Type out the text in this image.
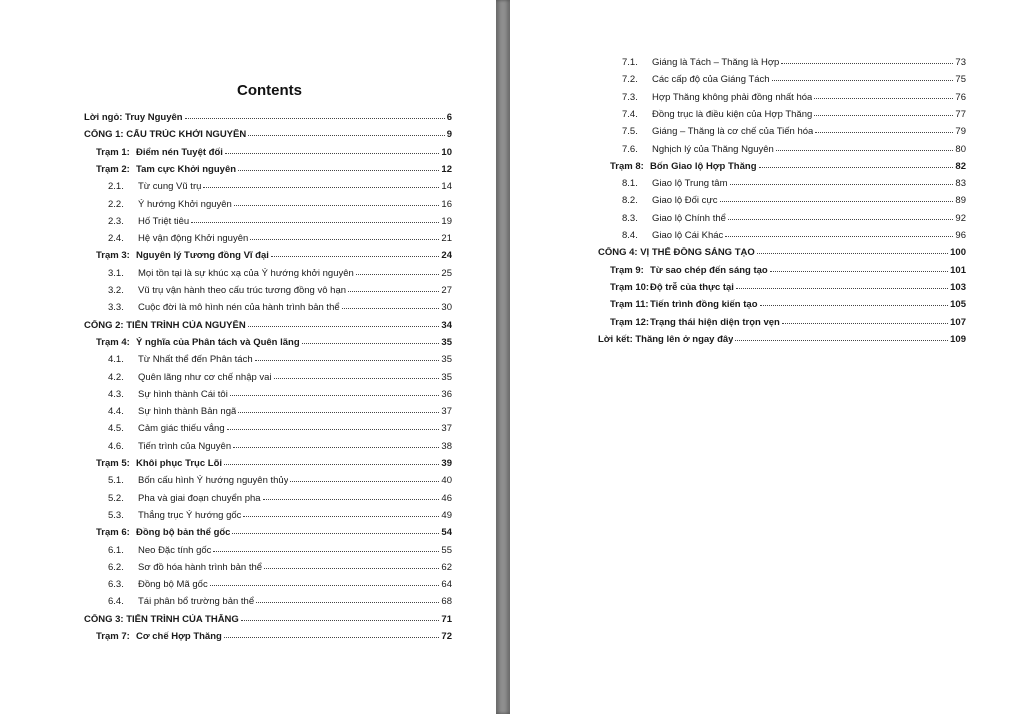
Contents
Lời ngỏ: Truy Nguyên	6
CỔNG 1: CẤU TRÚC KHỞI NGUYÊN	9
Trạm 1: Điểm nén Tuyệt đối	10
Trạm 2: Tam cực Khởi nguyên	12
2.1.	Từ cung Vũ trụ	14
2.2.	Ý hướng Khởi nguyên	16
2.3.	Hố Triệt tiêu	19
2.4.	Hệ vận động Khởi nguyên	21
Trạm 3: Nguyên lý Tương đồng Vĩ đại	24
3.1.	Mọi tồn tại là sự khúc xạ của Ý hướng khởi nguyên	25
3.2.	Vũ trụ vận hành theo cấu trúc tương đồng vô hạn	27
3.3.	Cuộc đời là mô hình nén của hành trình bản thể	30
CỔNG 2: TIẾN TRÌNH CỦA NGUYÊN	34
Trạm 4: Ý nghĩa của Phân tách và Quên lãng	35
4.1.	Từ Nhất thể đến Phân tách	35
4.2.	Quên lãng như cơ chế nhập vai	35
4.3.	Sự hình thành Cái tôi	36
4.4.	Sự hình thành Bản ngã	37
4.5.	Cảm giác thiếu vắng	37
4.6.	Tiến trình của Nguyên	38
Trạm 5: Khôi phục Trục Lõi	39
5.1.	Bốn cấu hình Ý hướng nguyên thủy	40
5.2.	Pha và giai đoạn chuyển pha	46
5.3.	Thẳng trục Ý hướng gốc	49
Trạm 6: Đồng bộ bản thể gốc	54
6.1.	Neo Đặc tính gốc	55
6.2.	Sơ đồ hóa hành trình bản thể	62
6.3.	Đồng bộ Mã gốc	64
6.4.	Tái phân bổ trường bản thể	68
CỔNG 3: TIẾN TRÌNH CỦA THĂNG	71
Trạm 7: Cơ chế Hợp Thăng	72
7.1.	Giáng là Tách – Thăng là Hợp	73
7.2.	Các cấp độ của Giáng Tách	75
7.3.	Hợp Thăng không phải đồng nhất hóa	76
7.4.	Đồng trục là điều kiện của Hợp Thăng	77
7.5.	Giáng – Thăng là cơ chế của Tiến hóa	79
7.6.	Nghịch lý của Thăng Nguyên	80
Trạm 8: Bốn Giao lộ Hợp Thăng	82
8.1.	Giao lộ Trung tâm	83
8.2.	Giao lộ Đối cực	89
8.3.	Giao lộ Chính thể	92
8.4.	Giao lộ Cái Khác	96
CỔNG 4: VỊ THẾ ĐỒNG SÁNG TẠO	100
Trạm 9: Từ sao chép đến sáng tạo	101
Trạm 10: Độ trễ của thực tại	103
Trạm 11: Tiến trình đồng kiến tạo	105
Trạm 12: Trạng thái hiện diện trọn vẹn	107
Lời kết: Thăng lên ở ngay đây	109
